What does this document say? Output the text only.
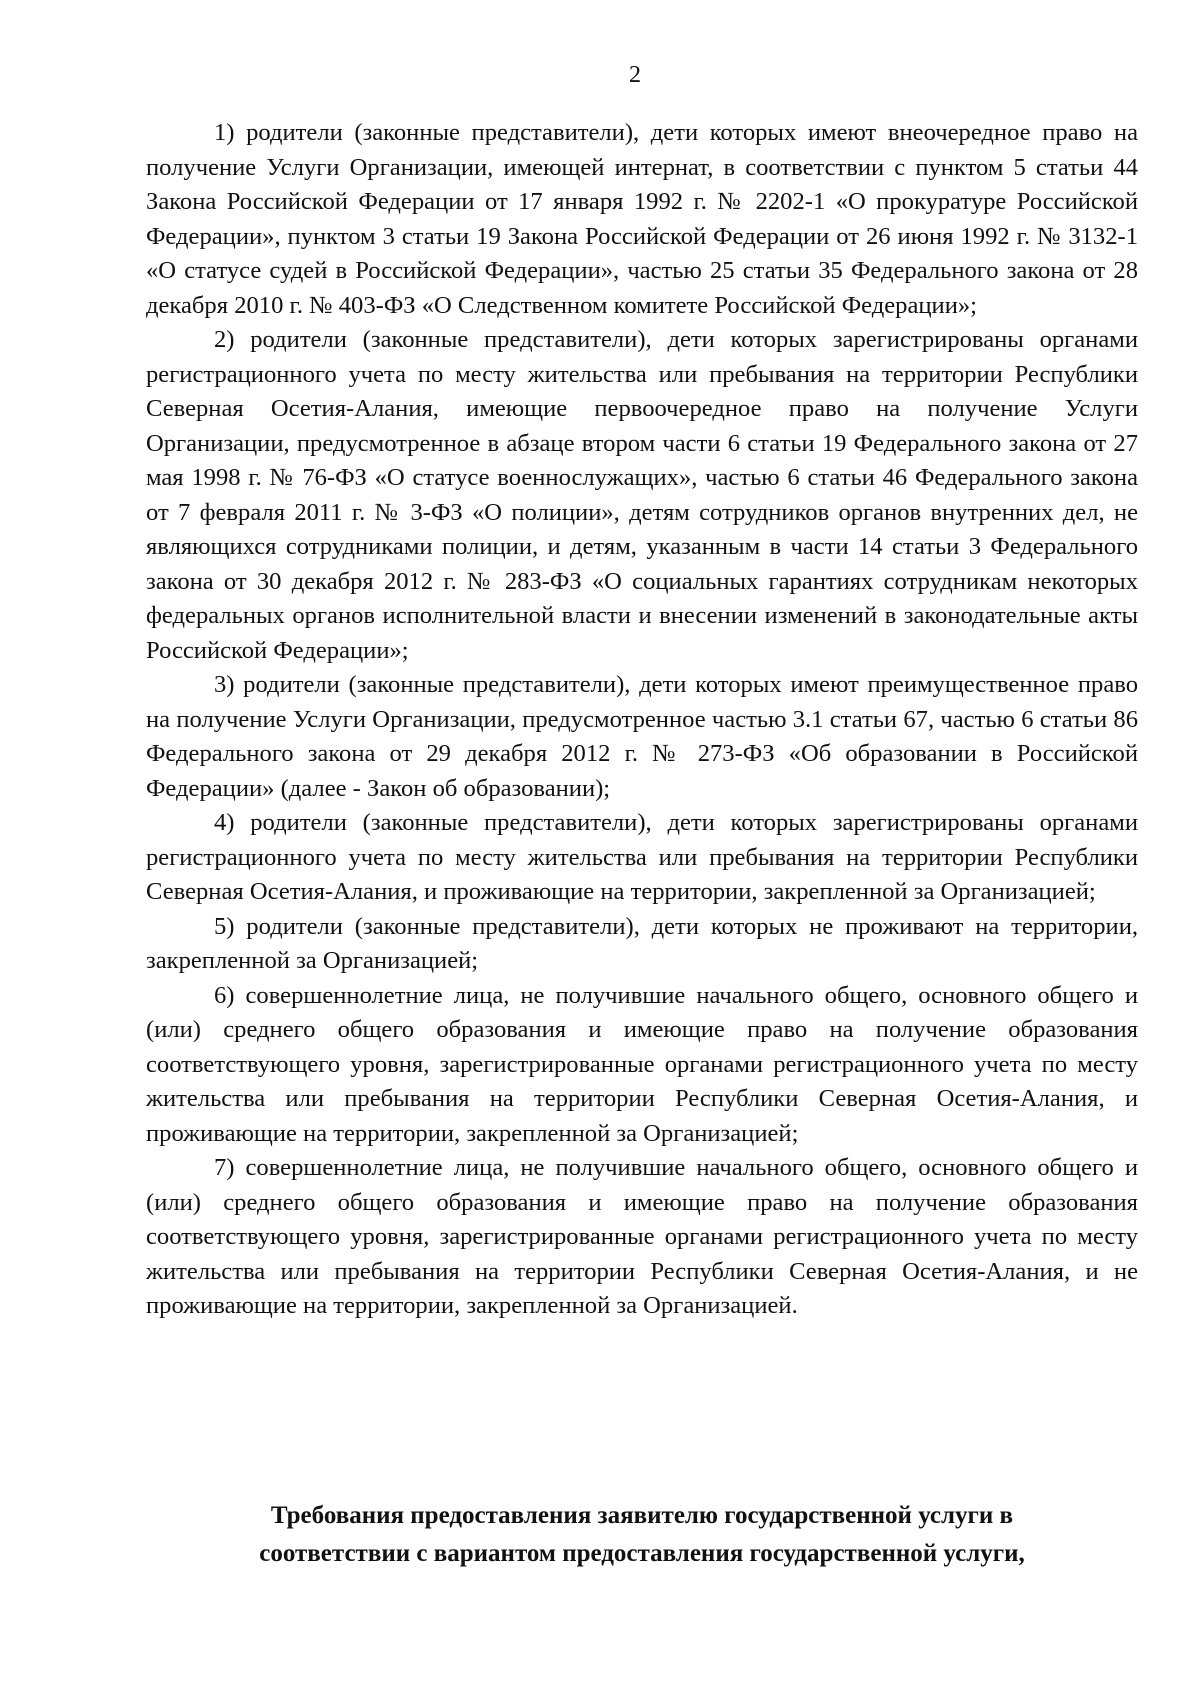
2

1) родители (законные представители), дети которых имеют внеочередное право на получение Услуги Организации, имеющей интернат, в соответствии с пунктом 5 статьи 44 Закона Российской Федерации от 17 января 1992 г. № 2202-1 «О прокуратуре Российской Федерации», пунктом 3 статьи 19 Закона Российской Федерации от 26 июня 1992 г. № 3132-1 «О статусе судей в Российской Федерации», частью 25 статьи 35 Федерального закона от 28 декабря 2010 г. № 403-ФЗ «О Следственном комитете Российской Федерации»;

2) родители (законные представители), дети которых зарегистрированы органами регистрационного учета по месту жительства или пребывания на территории Республики Северная Осетия-Алания, имеющие первоочередное право на получение Услуги Организации, предусмотренное в абзаце втором части 6 статьи 19 Федерального закона от 27 мая 1998 г. № 76-ФЗ «О статусе военнослужащих», частью 6 статьи 46 Федерального закона от 7 февраля 2011 г. № 3-ФЗ «О полиции», детям сотрудников органов внутренних дел, не являющихся сотрудниками полиции, и детям, указанным в части 14 статьи 3 Федерального закона от 30 декабря 2012 г. № 283-ФЗ «О социальных гарантиях сотрудникам некоторых федеральных органов исполнительной власти и внесении изменений в законодательные акты Российской Федерации»;

3) родители (законные представители), дети которых имеют преимущественное право на получение Услуги Организации, предусмотренное частью 3.1 статьи 67, частью 6 статьи 86 Федерального закона от 29 декабря 2012 г. № 273-ФЗ «Об образовании в Российской Федерации» (далее - Закон об образовании);

4) родители (законные представители), дети которых зарегистрированы органами регистрационного учета по месту жительства или пребывания на территории Республики Северная Осетия-Алания, и проживающие на территории, закрепленной за Организацией;

5) родители (законные представители), дети которых не проживают на территории, закрепленной за Организацией;

6) совершеннолетние лица, не получившие начального общего, основного общего и (или) среднего общего образования и имеющие право на получение образования соответствующего уровня, зарегистрированные органами регистрационного учета по месту жительства или пребывания на территории Республики Северная Осетия-Алания, и проживающие на территории, закрепленной за Организацией;

7) совершеннолетние лица, не получившие начального общего, основного общего и (или) среднего общего образования и имеющие право на получение образования соответствующего уровня, зарегистрированные органами регистрационного учета по месту жительства или пребывания на территории Республики Северная Осетия-Алания, и не проживающие на территории, закрепленной за Организацией.

Требования предоставления заявителю государственной услуги в
соответствии с вариантом предоставления государственной услуги,
